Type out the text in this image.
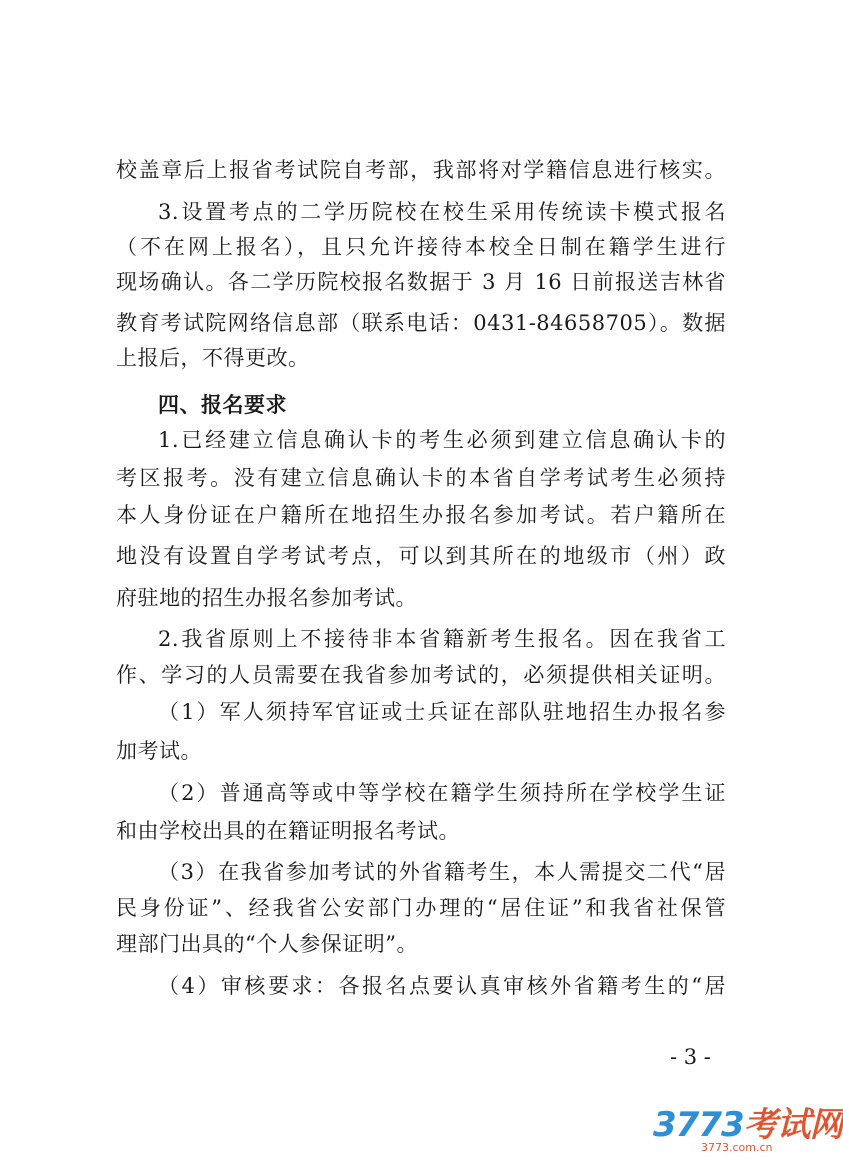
校盖章后上报省考试院自考部，我部将对学籍信息进行核实。
3.设置考点的二学历院校在校生采用传统读卡模式报名
（不在网上报名），且只允许接待本校全日制在籍学生进行
现场确认。各二学历院校报名数据于 3 月 16 日前报送吉林省
教育考试院网络信息部（联系电话：0431-84658705）。数据
上报后，不得更改。
四、报名要求
1.已经建立信息确认卡的考生必须到建立信息确认卡的
考区报考。没有建立信息确认卡的本省自学考试考生必须持
本人身份证在户籍所在地招生办报名参加考试。若户籍所在
地没有设置自学考试考点，可以到其所在的地级市（州）政
府驻地的招生办报名参加考试。
2.我省原则上不接待非本省籍新考生报名。因在我省工
作、学习的人员需要在我省参加考试的，必须提供相关证明。
（1）军人须持军官证或士兵证在部队驻地招生办报名参
加考试。
（2）普通高等或中等学校在籍学生须持所在学校学生证
和由学校出具的在籍证明报名考试。
（3）在我省参加考试的外省籍考生，本人需提交二代“居
民身份证”、经我省公安部门办理的“居住证”和我省社保管
理部门出具的“个人参保证明”。
（4）审核要求：各报名点要认真审核外省籍考生的“居
- 3 -
3773考试网
3773.com.cn
